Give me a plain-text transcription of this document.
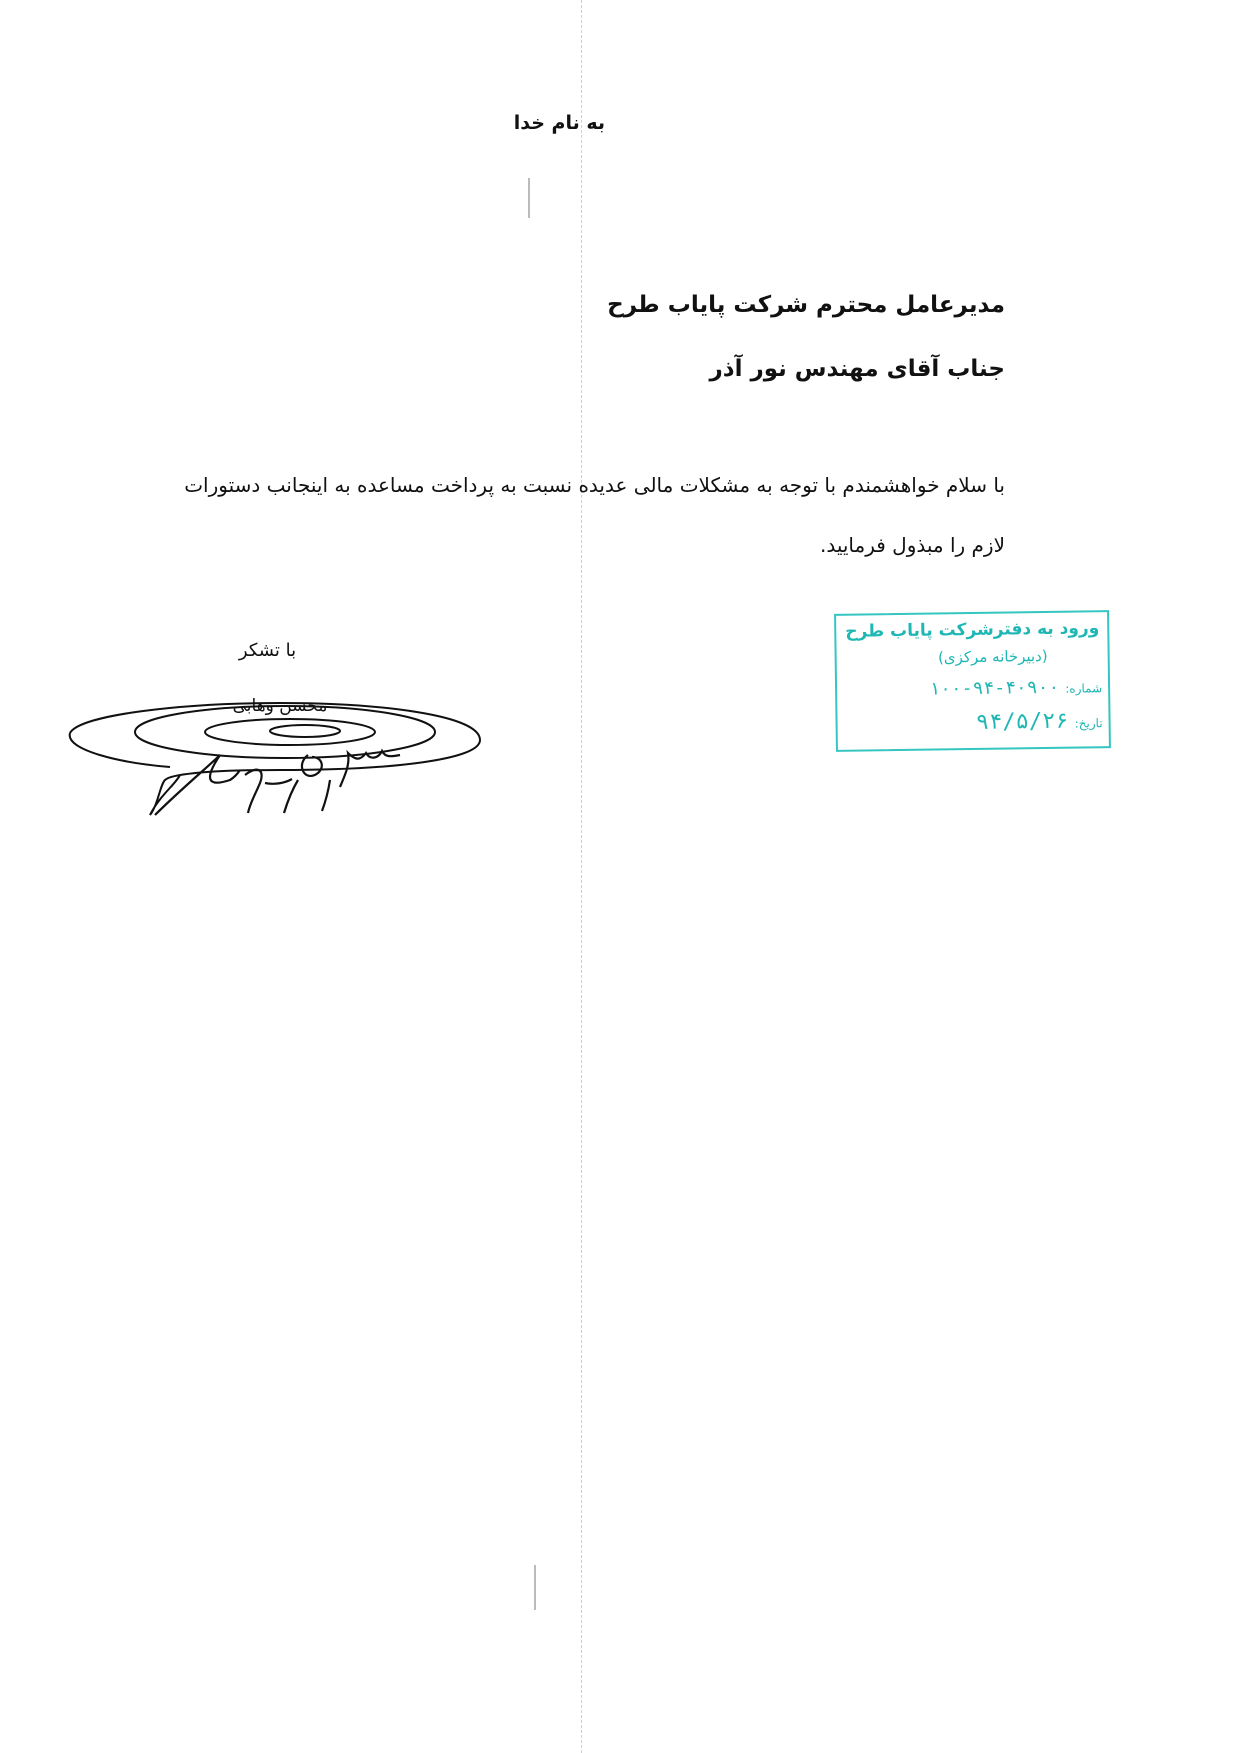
به نام خدا
مدیرعامل محترم شرکت پایاب طرح
جناب آقای مهندس نور آذر
با سلام خواهشمندم با توجه به مشکلات مالی عدیده نسبت به پرداخت مساعده به اینجانب دستورات
لازم را مبذول فرمایید.
با تشکر
محسن وهابی
ورود به دفترشرکت پایاب طرح
(دبیرخانه مرکزی)
شماره:
۱۰۰-۹۴-۴۰۹۰۰
تاریخ:
۹۴/۵/۲۶
